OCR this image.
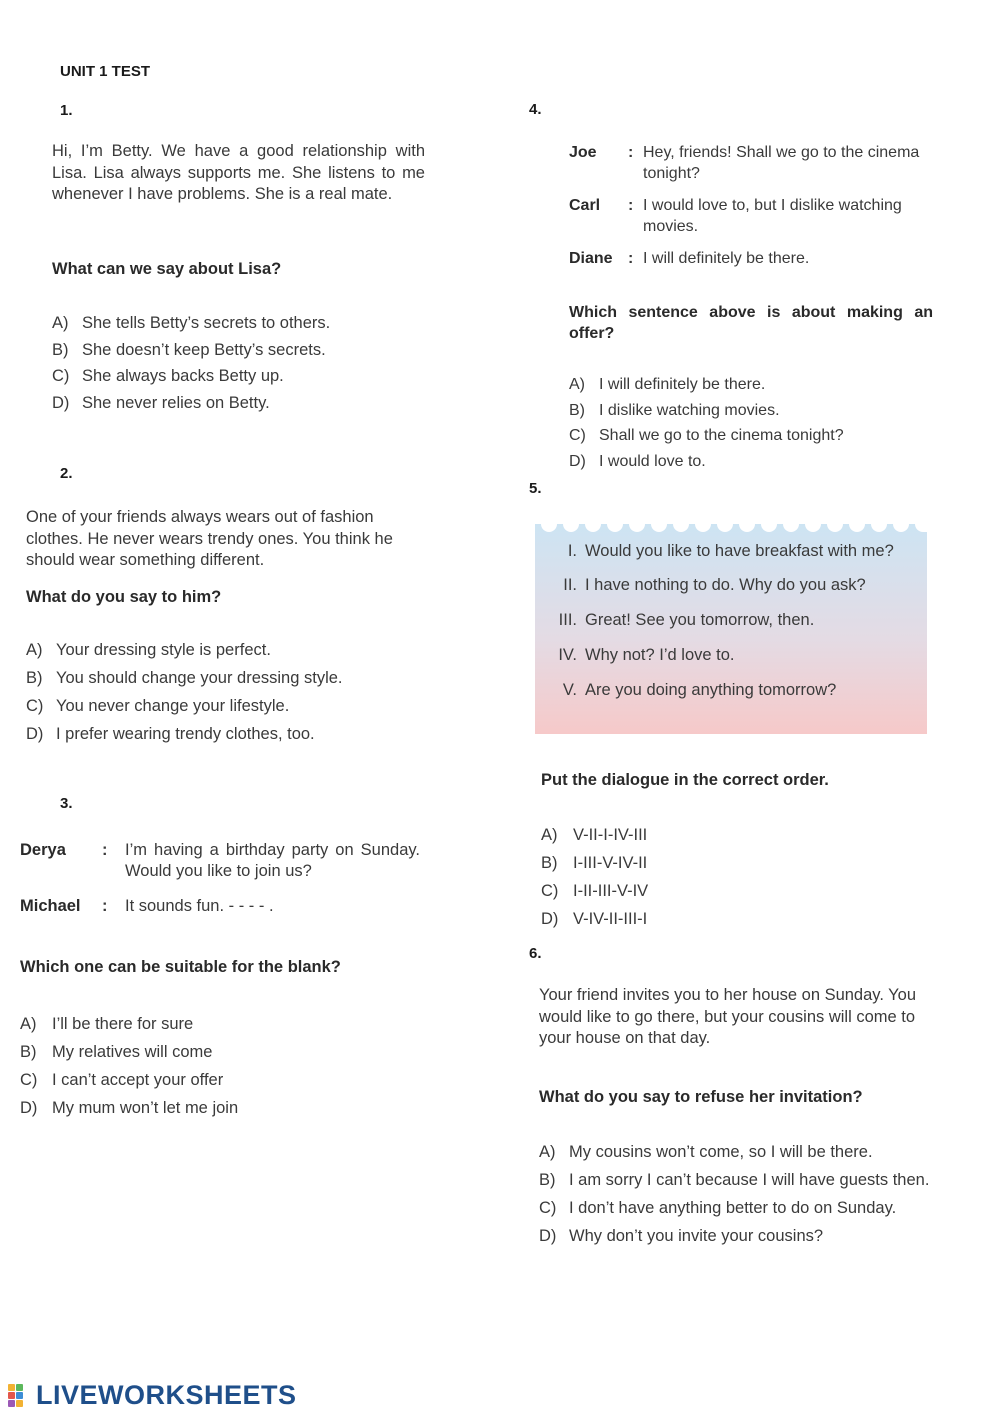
UNIT 1 TEST
1.
Hi, I’m Betty. We have a good relationship with Lisa. Lisa always supports me. She listens to me whenever I have problems. She is a real mate.
What can we say about Lisa?
A) She tells Betty’s secrets to others.
B) She doesn’t keep Betty’s secrets.
C) She always backs Betty up.
D) She never relies on Betty.
2.
One of your friends always wears out of fashion clothes. He never wears trendy ones. You think he should wear something different.
What do you say to him?
A) Your dressing style is perfect.
B) You should change your dressing style.
C) You never change your lifestyle.
D) I prefer wearing trendy clothes, too.
3.
Derya	:	I’m having a birthday party on Sunday. Would you like to join us?
Michael	:	It sounds fun. - - - - .
Which one can be suitable for the blank?
A) I’ll be there for sure
B) My relatives will come
C) I can’t accept your offer
D) My mum won’t let me join
4.
Joe	: Hey, friends! Shall we go to the cinema tonight?
Carl	: I would love to, but I dislike watching movies.
Diane : I will definitely be there.
Which sentence above is about making an offer?
A) I will definitely be there.
B) I dislike watching movies.
C) Shall we go to the cinema tonight?
D) I would love to.
5.
I. Would you like to have breakfast with me?
II. I have nothing to do. Why do you ask?
III. Great! See you tomorrow, then.
IV. Why not? I’d love to.
V. Are you doing anything tomorrow?
Put the dialogue in the correct order.
A) V-II-I-IV-III
B) I-III-V-IV-II
C) I-II-III-V-IV
D) V-IV-II-III-I
6.
Your friend invites you to her house on Sunday. You would like to go there, but your cousins will come to your house on that day.
What do you say to refuse her invitation?
A) My cousins won’t come, so I will be there.
B) I am sorry I can’t because I will have guests then.
C) I don’t have anything better to do on Sunday.
D) Why don’t you invite your cousins?
LIVEWORKSHEETS
